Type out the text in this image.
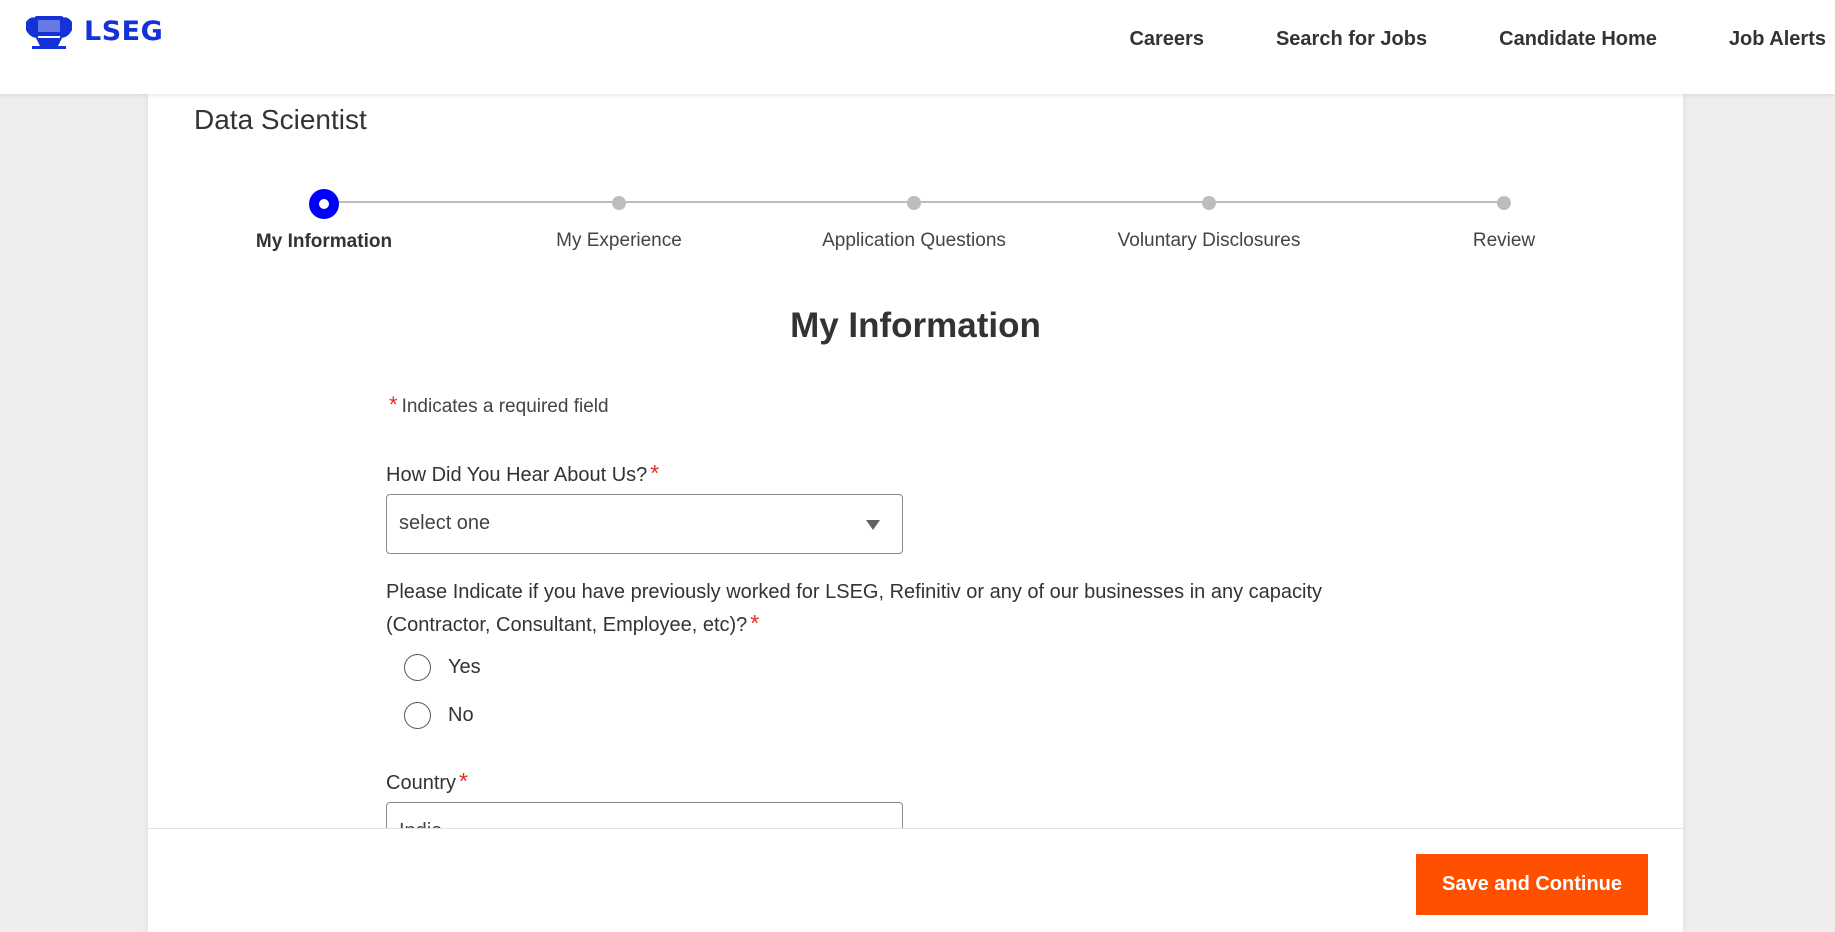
LSEG	Careers	Search for Jobs	Candidate Home	Job Alerts
Data Scientist
My Information	My Experience	Application Questions	Voluntary Disclosures	Review
My Information
* Indicates a required field
How Did You Hear About Us? *
select one
Please Indicate if you have previously worked for LSEG, Refinitiv or any of our businesses in any capacity
(Contractor, Consultant, Employee, etc)? *
Yes
No
Country *
Save and Continue
